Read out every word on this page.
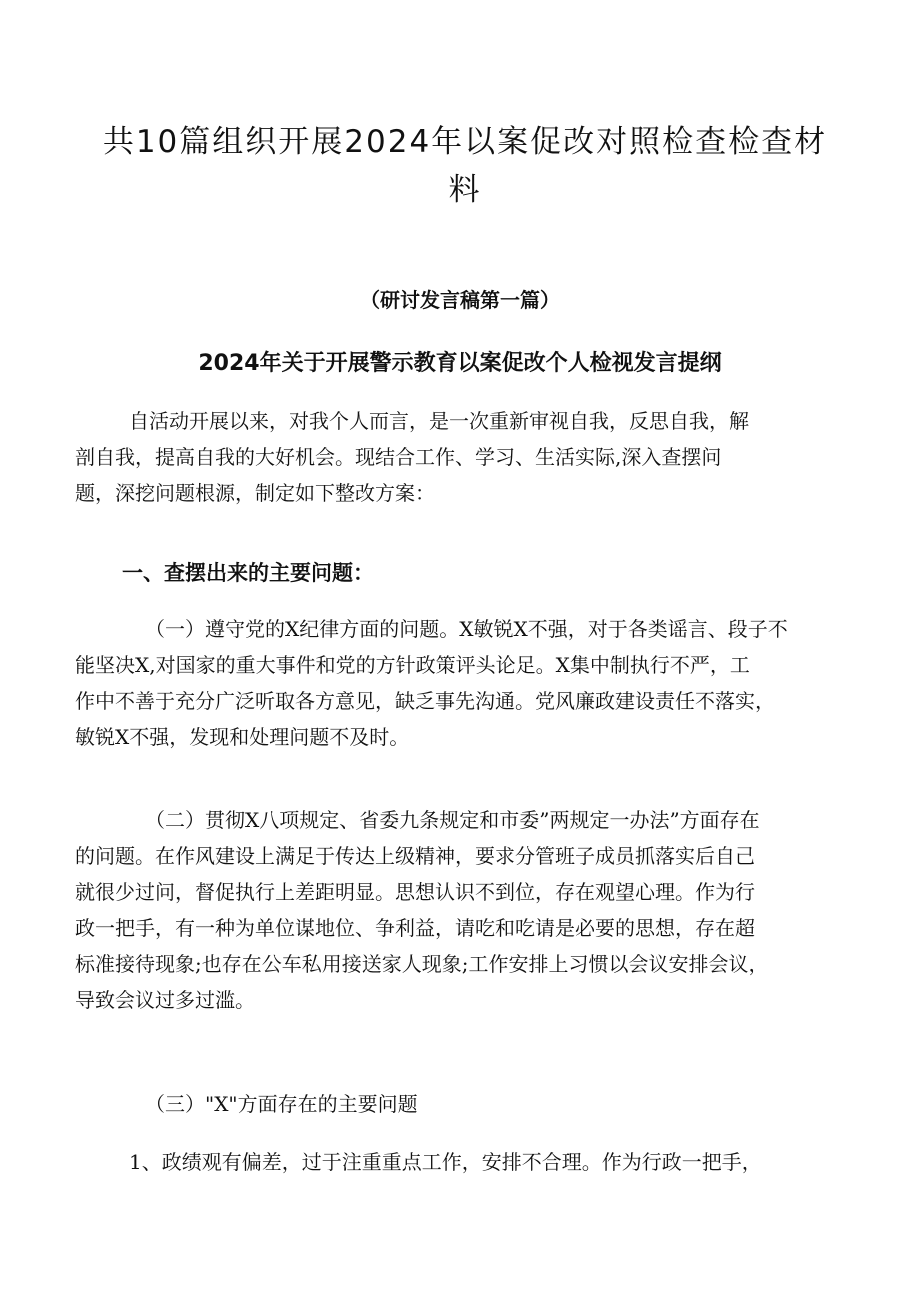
共10篇组织开展2024年以案促改对照检查检查材料
（研讨发言稿第一篇）
2024年关于开展警示教育以案促改个人检视发言提纲
自活动开展以来，对我个人而言，是一次重新审视自我，反思自我，解
剖自我，提高自我的大好机会。现结合工作、学习、生活实际,深入查摆问
题，深挖问题根源，制定如下整改方案：
一、查摆出来的主要问题：
（一）遵守党的X纪律方面的问题。X敏锐X不强，对于各类谣言、段子不
能坚决X,对国家的重大事件和党的方针政策评头论足。X集中制执行不严，工
作中不善于充分广泛听取各方意见，缺乏事先沟通。党风廉政建设责任不落实，
敏锐X不强，发现和处理问题不及时。
（二）贯彻X八项规定、省委九条规定和市委”两规定一办法”方面存在
的问题。在作风建设上满足于传达上级精神，要求分管班子成员抓落实后自己
就很少过问，督促执行上差距明显。思想认识不到位，存在观望心理。作为行
政一把手，有一种为单位谋地位、争利益，请吃和吃请是必要的思想，存在超
标准接待现象;也存在公车私用接送家人现象;工作安排上习惯以会议安排会议，
导致会议过多过滥。
（三）"X"方面存在的主要问题
1、政绩观有偏差，过于注重重点工作，安排不合理。作为行政一把手，
